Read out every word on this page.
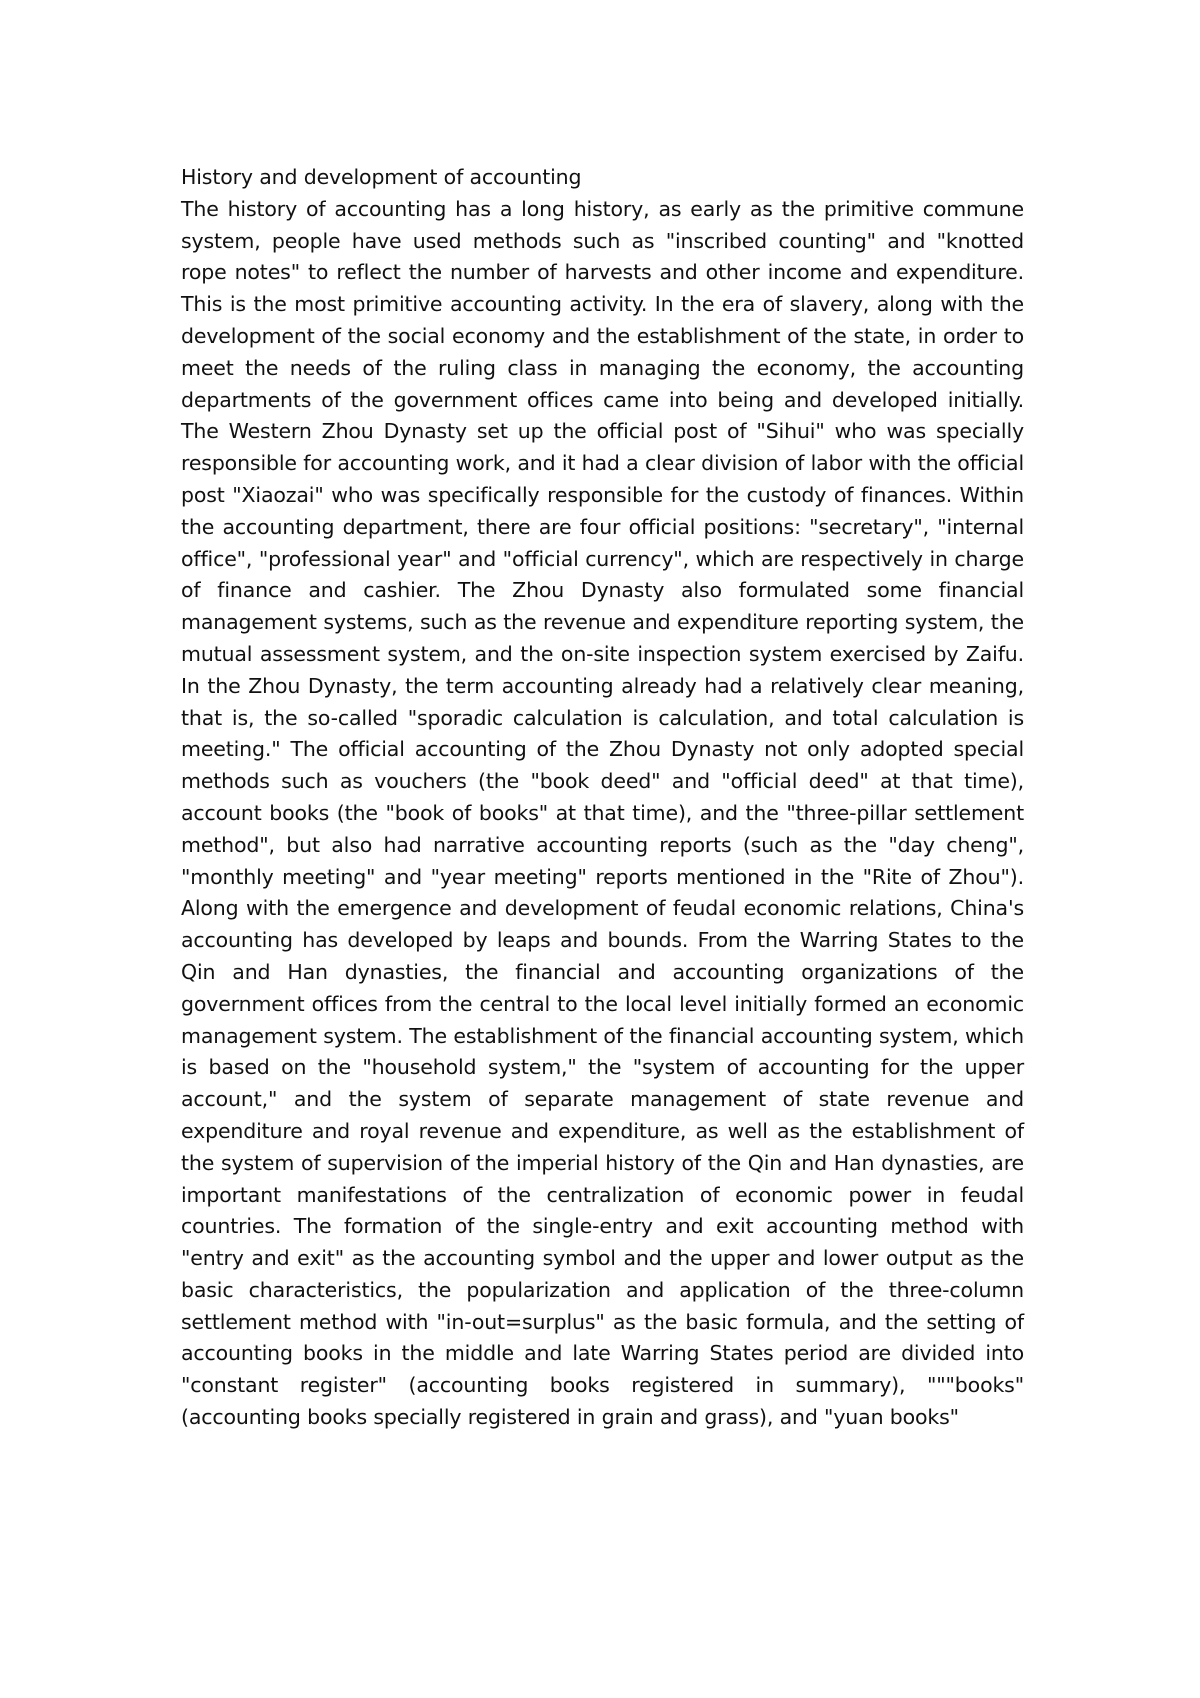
History and development of accounting
The history of accounting has a long history, as early as the primitive commune system, people have used methods such as "inscribed counting" and "knotted rope notes" to reflect the number of harvests and other income and expenditure. This is the most primitive accounting activity. In the era of slavery, along with the development of the social economy and the establishment of the state, in order to meet the needs of the ruling class in managing the economy, the accounting departments of the government offices came into being and developed initially. The Western Zhou Dynasty set up the official post of "Sihui" who was specially responsible for accounting work, and it had a clear division of labor with the official post "Xiaozai" who was specifically responsible for the custody of finances. Within the accounting department, there are four official positions: "secretary", "internal office", "professional year" and "official currency", which are respectively in charge of finance and cashier. The Zhou Dynasty also formulated some financial management systems, such as the revenue and expenditure reporting system, the mutual assessment system, and the on-site inspection system exercised by Zaifu. In the Zhou Dynasty, the term accounting already had a relatively clear meaning, that is, the so-called "sporadic calculation is calculation, and total calculation is meeting." The official accounting of the Zhou Dynasty not only adopted special methods such as vouchers (the "book deed" and "official deed" at that time), account books (the "book of books" at that time), and the "three-pillar settlement method", but also had narrative accounting reports (such as the "day cheng", "monthly meeting" and "year meeting" reports mentioned in the "Rite of Zhou"). Along with the emergence and development of feudal economic relations, China's accounting has developed by leaps and bounds. From the Warring States to the Qin and Han dynasties, the financial and accounting organizations of the government offices from the central to the local level initially formed an economic management system. The establishment of the financial accounting system, which is based on the "household system," the "system of accounting for the upper account," and the system of separate management of state revenue and expenditure and royal revenue and expenditure, as well as the establishment of the system of supervision of the imperial history of the Qin and Han dynasties, are important manifestations of the centralization of economic power in feudal countries. The formation of the single-entry and exit accounting method with "entry and exit" as the accounting symbol and the upper and lower output as the basic characteristics, the popularization and application of the three-column settlement method with "in-out=surplus" as the basic formula, and the setting of accounting books in the middle and late Warring States period are divided into "constant register" (accounting books registered in summary), """books" (accounting books specially registered in grain and grass), and "yuan books"
